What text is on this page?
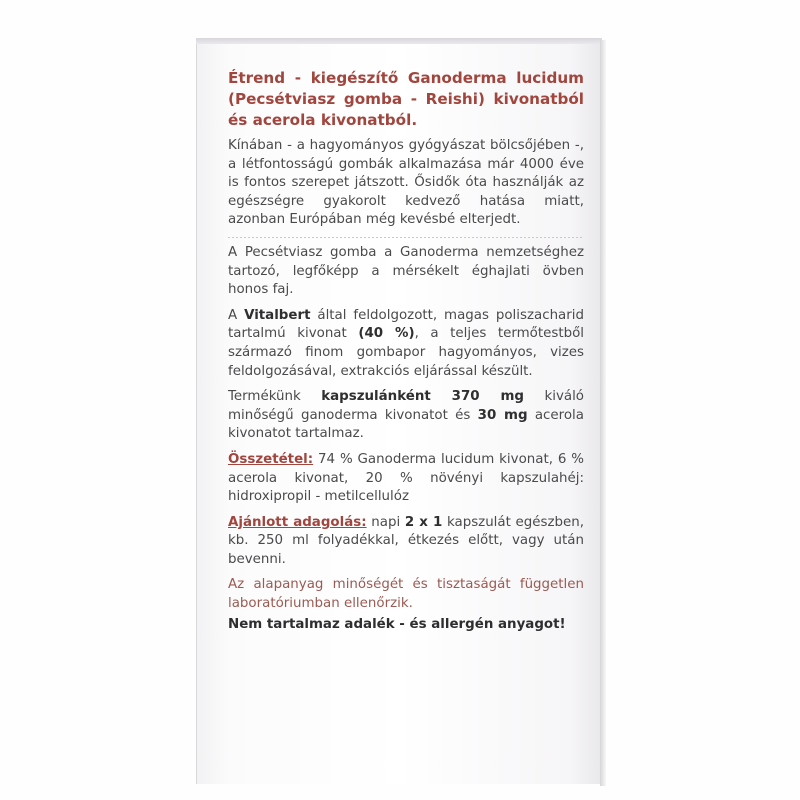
Étrend - kiegészítő Ganoderma lucidum (Pecsétviasz gomba - Reishi) kivonatból és acerola kivonatból.

Kínában - a hagyományos gyógyászat bölcsőjében -, a létfontosságú gombák alkalmazása már 4000 éve is fontos szerepet játszott. Ősidők óta használják az egészségre gyakorolt kedvező hatása miatt, azonban Európában még kevésbé elterjedt.

A Pecsétviasz gomba a Ganoderma nemzetséghez tartozó, legfőképp a mérsékelt éghajlati övben honos faj.

A Vitalbert által feldolgozott, magas poliszacharid tartalmú kivonat (40 %), a teljes termőtestből származó finom gombapor hagyományos, vizes feldolgozásával, extrakciós eljárással készült.

Termékünk kapszulánként 370 mg kiváló minőségű ganoderma kivonatot és 30 mg acerola kivonatot tartalmaz.

Összetétel: 74 % Ganoderma lucidum kivonat, 6 % acerola kivonat, 20 % növényi kapszulahéj: hidroxipropil - metilcellulóz

Ajánlott adagolás: napi 2 x 1 kapszulát egészben, kb. 250 ml folyadékkal, étkezés előtt, vagy után bevenni.

Az alapanyag minőségét és tisztaságát független laboratóriumban ellenőrzik.

Nem tartalmaz adalék - és allergén anyagot!
